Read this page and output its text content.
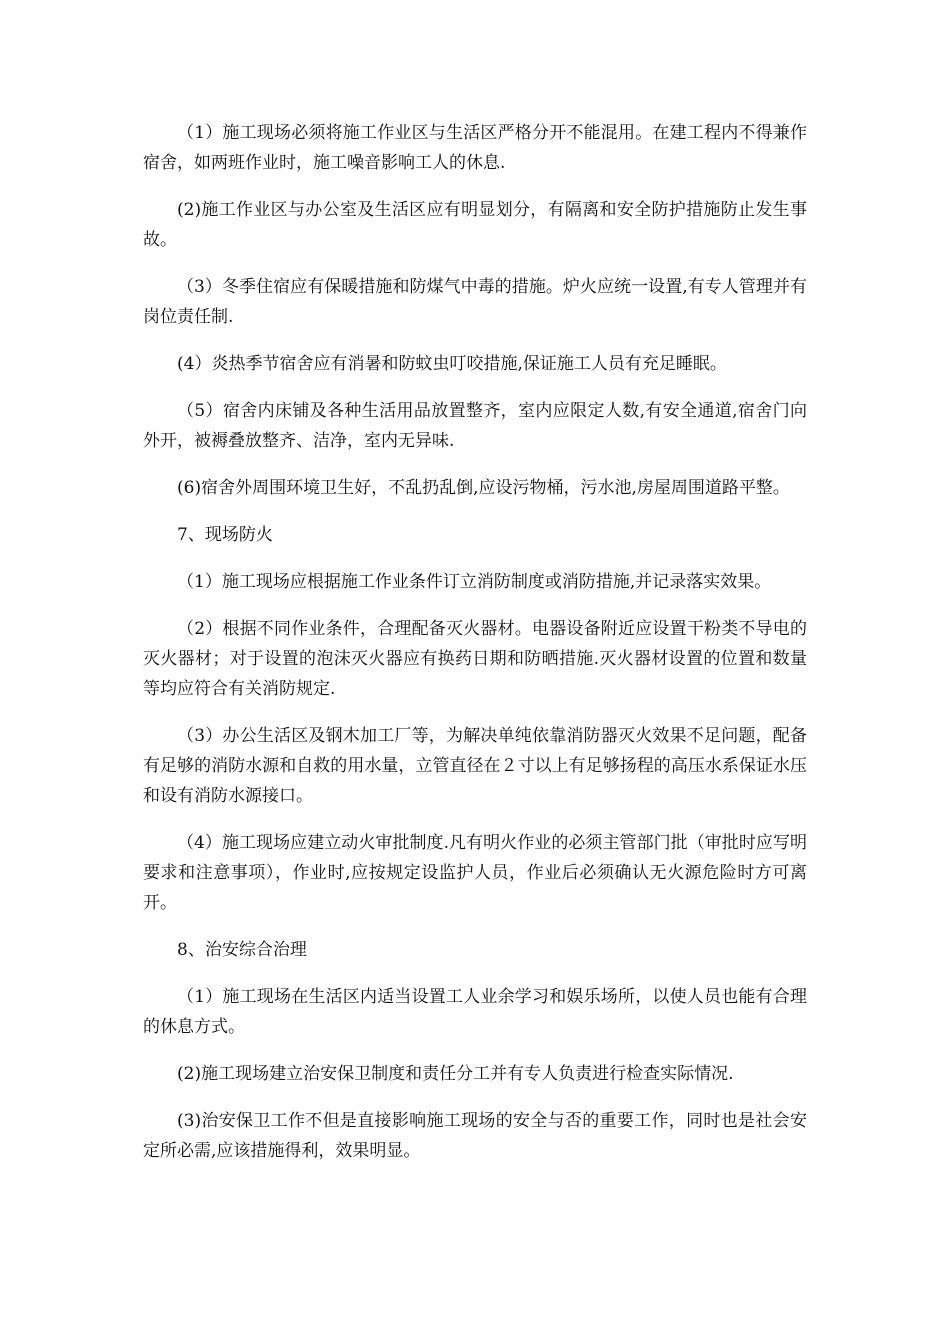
（1）施工现场必须将施工作业区与生活区严格分开不能混用。在建工程内不得兼作宿舍，如两班作业时，施工噪音影响工人的休息.

(2)施工作业区与办公室及生活区应有明显划分，有隔离和安全防护措施防止发生事故。

（3）冬季住宿应有保暖措施和防煤气中毒的措施。炉火应统一设置,有专人管理并有岗位责任制.

(4）炎热季节宿舍应有消暑和防蚊虫叮咬措施,保证施工人员有充足睡眠。

（5）宿舍内床铺及各种生活用品放置整齐，室内应限定人数,有安全通道,宿舍门向外开，被褥叠放整齐、洁净，室内无异味.

(6)宿舍外周围环境卫生好，不乱扔乱倒,应设污物桶，污水池,房屋周围道路平整。

7、现场防火

（1）施工现场应根据施工作业条件订立消防制度或消防措施,并记录落实效果。

（2）根据不同作业条件，合理配备灭火器材。电器设备附近应设置干粉类不导电的灭火器材；对于设置的泡沫灭火器应有换药日期和防晒措施.灭火器材设置的位置和数量等均应符合有关消防规定.

（3）办公生活区及钢木加工厂等，为解决单纯依靠消防器灭火效果不足问题，配备有足够的消防水源和自救的用水量，立管直径在２寸以上有足够扬程的高压水系保证水压和设有消防水源接口。

（4）施工现场应建立动火审批制度.凡有明火作业的必须主管部门批（审批时应写明要求和注意事项），作业时,应按规定设监护人员，作业后必须确认无火源危险时方可离开。

8、治安综合治理

（1）施工现场在生活区内适当设置工人业余学习和娱乐场所，以使人员也能有合理的休息方式。

(2)施工现场建立治安保卫制度和责任分工并有专人负责进行检查实际情况.

(3)治安保卫工作不但是直接影响施工现场的安全与否的重要工作，同时也是社会安定所必需,应该措施得利，效果明显。
